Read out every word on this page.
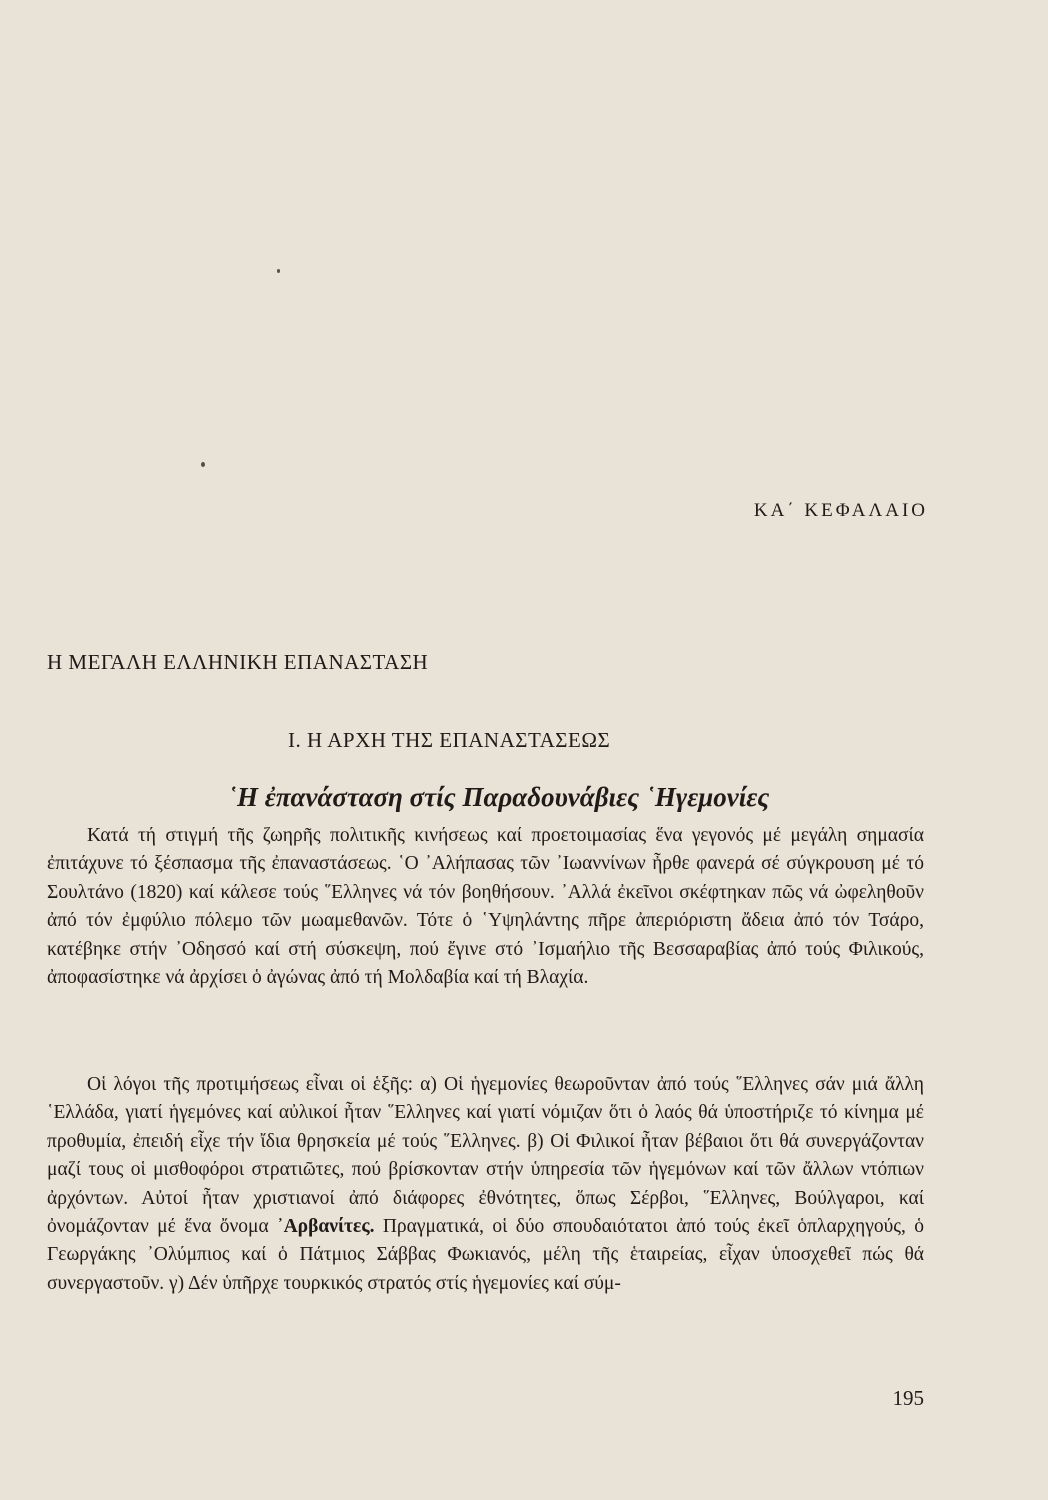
ΚΑ΄ ΚΕΦΑΛΑΙΟ
Η ΜΕΓΑΛΗ ΕΛΛΗΝΙΚΗ ΕΠΑΝΑΣΤΑΣΗ
Ι. Η ΑΡΧΗ ΤΗΣ ΕΠΑΝΑΣΤΑΣΕΩΣ
῾Η ἐπανάσταση στίς Παραδουνάβιες ῾Ηγεμονίες

Κατά τή στιγμή τῆς ζωηρῆς πολιτικῆς κινήσεως καί προετοιμασίας ἕνα γεγονός μέ μεγάλη σημασία ἐπιτάχυνε τό ξέσπασμα τῆς ἐπαναστάσεως. ῾Ο ᾿Αλήπασας τῶν ᾿Ιωαννίνων ἦρθε φανερά σέ σύγκρουση μέ τό Σουλτάνο (1820) καί κάλεσε τούς ῞Ελληνες νά τόν βοηθήσουν. ᾿Αλλά ἐκεῖνοι σκέφτηκαν πῶς νά ὠφεληθοῦν ἀπό τόν ἐμφύλιο πόλεμο τῶν μωαμεθανῶν. Τότε ὁ ῾Υψηλάντης πῆρε ἀπεριόριστη ἄδεια ἀπό τόν Τσάρο, κατέβηκε στήν ᾿Οδησσό καί στή σύσκεψη, πού ἔγινε στό ᾿Ισμαήλιο τῆς Βεσσαραβίας ἀπό τούς Φιλικούς, ἀποφασίστηκε νά ἀρχίσει ὁ ἀγώνας ἀπό τή Μολδαβία καί τή Βλαχία.

Οἱ λόγοι τῆς προτιμήσεως εἶναι οἱ ἑξῆς: α) Οἱ ἡγεμονίες θεωροῦνταν ἀπό τούς ῞Ελληνες σάν μιά ἄλλη ῾Ελλάδα, γιατί ἡγεμόνες καί αὐλικοί ἦταν ῞Ελληνες καί γιατί νόμιζαν ὅτι ὁ λαός θά ὑποστήριζε τό κίνημα μέ προθυμία, ἐπειδή εἶχε τήν ἴδια θρησκεία μέ τούς ῞Ελληνες. β) Οἱ Φιλικοί ἦταν βέβαιοι ὅτι θά συνεργάζονταν μαζί τους οἱ μισθοφόροι στρατιῶτες, πού βρίσκονταν στήν ὑπηρεσία τῶν ἡγεμόνων καί τῶν ἄλλων ντόπιων ἀρχόντων. Αὐτοί ἦταν χριστιανοί ἀπό διάφορες ἐθνότητες, ὅπως Σέρβοι, ῞Ελληνες, Βούλγαροι, καί ὀνομάζονταν μέ ἕνα ὄνομα ᾿Αρβανίτες. Πραγματικά, οἱ δύο σπουδαιότατοι ἀπό τούς ἐκεῖ ὁπλαρχηγούς, ὁ Γεωργάκης ᾿Ολύμπιος καί ὁ Πάτμιος Σάββας Φωκιανός, μέλη τῆς ἑταιρείας, εἶχαν ὑποσχεθεῖ πώς θά συνεργαστοῦν. γ) Δέν ὑπῆρχε τουρκικός στρατός στίς ἡγεμονίες καί σύμ-

195
